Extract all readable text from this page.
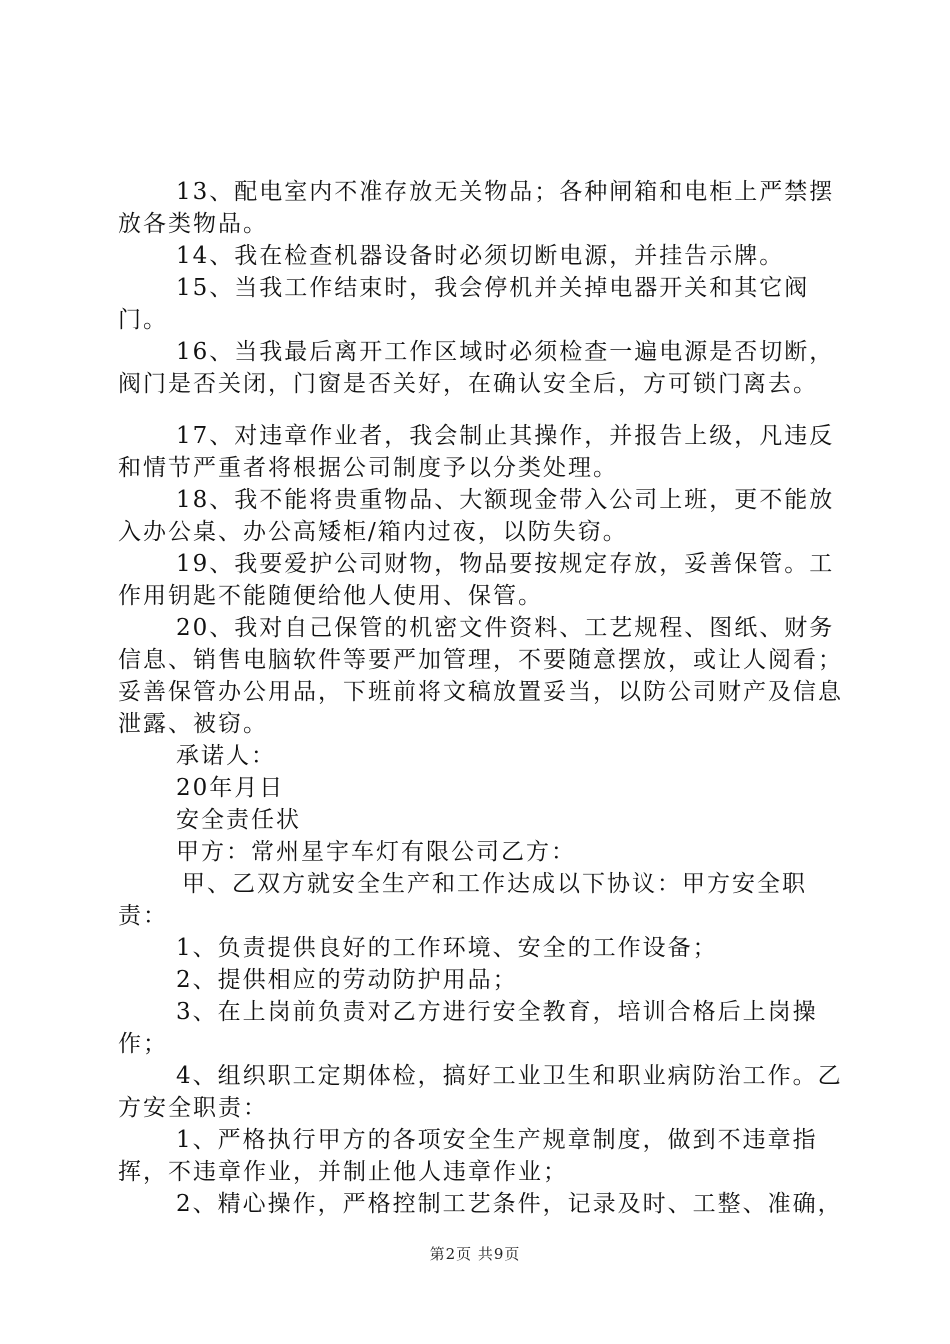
13、配电室内不准存放无关物品；各种闸箱和电柜上严禁摆放各类物品。

14、我在检查机器设备时必须切断电源，并挂告示牌。

15、当我工作结束时，我会停机并关掉电器开关和其它阀门。

16、当我最后离开工作区域时必须检查一遍电源是否切断，阀门是否关闭，门窗是否关好，在确认安全后，方可锁门离去。

17、对违章作业者，我会制止其操作，并报告上级，凡违反和情节严重者将根据公司制度予以分类处理。

18、我不能将贵重物品、大额现金带入公司上班，更不能放入办公桌、办公高矮柜/箱内过夜，以防失窃。

19、我要爱护公司财物，物品要按规定存放，妥善保管。工作用钥匙不能随便给他人使用、保管。

20、我对自己保管的机密文件资料、工艺规程、图纸、财务信息、销售电脑软件等要严加管理，不要随意摆放，或让人阅看；妥善保管办公用品，下班前将文稿放置妥当，以防公司财产及信息泄露、被窃。

承诺人：

20年月日

安全责任状

甲方：常州星宇车灯有限公司乙方：

甲、乙双方就安全生产和工作达成以下协议：甲方安全职责：

1、负责提供良好的工作环境、安全的工作设备；

2、提供相应的劳动防护用品；

3、在上岗前负责对乙方进行安全教育，培训合格后上岗操作；

4、组织职工定期体检，搞好工业卫生和职业病防治工作。乙方安全职责：

1、严格执行甲方的各项安全生产规章制度，做到不违章指挥，不违章作业，并制止他人违章作业；

2、精心操作，严格控制工艺条件，记录及时、工整、准确，

第2页 共9页
